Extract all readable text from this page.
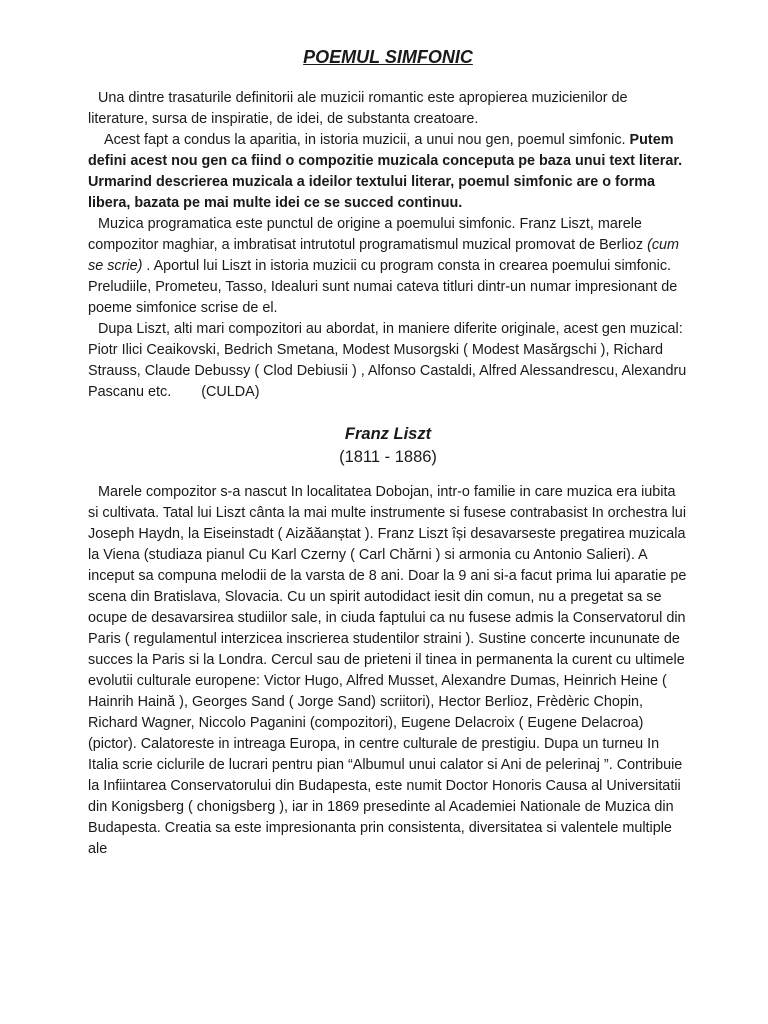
POEMUL SIMFONIC

Una dintre trasaturile definitorii ale muzicii romantic este apropierea muzicienilor de literature, sursa de inspiratie, de idei, de substanta creatoare.

Acest fapt a condus la aparitia, in istoria muzicii, a unui nou gen, poemul simfonic. Putem defini acest nou gen ca fiind o compozitie muzicala conceputa pe baza unui text literar. Urmarind descrierea muzicala a ideilor textului literar, poemul simfonic are o forma libera, bazata pe mai multe idei ce se succed continuu.

Muzica programatica este punctul de origine a poemului simfonic. Franz Liszt, marele compozitor maghiar, a imbratisat intrutotul programatismul muzical promovat de Berlioz (cum se scrie) . Aportul lui Liszt in istoria muzicii cu program consta in crearea poemului simfonic. Preludiile, Prometeu, Tasso, Idealuri sunt numai cateva titluri dintr-un numar impresionant de poeme simfonice scrise de el.

Dupa Liszt, alti mari compozitori au abordat, in maniere diferite originale, acest gen muzical: Piotr Ilici Ceaikovski, Bedrich Smetana, Modest Musorgski ( Modest Masărgschi ), Richard Strauss, Claude Debussy ( Clod Debiusii ) , Alfonso Castaldi, Alfred Alessandrescu, Alexandru Pascanu etc. (CULDA)

Franz Liszt
(1811 - 1886)

Marele compozitor s-a nascut In localitatea Dobojan, intr-o familie in care muzica era iubita si cultivata. Tatal lui Liszt cânta la mai multe instrumente si fusese contrabasist In orchestra lui Joseph Haydn, la Eiseinstadt ( Aizăăanștat ). Franz Liszt își desavarseste pregatirea muzicala la Viena (studiaza pianul Cu Karl Czerny ( Carl Chărni ) si armonia cu Antonio Salieri). A inceput sa compuna melodii de la varsta de 8 ani. Doar la 9 ani si-a facut prima lui aparatie pe scena din Bratislava, Slovacia. Cu un spirit autodidact iesit din comun, nu a pregetat sa se ocupe de desavarsirea studiilor sale, in ciuda faptului ca nu fusese admis la Conservatorul din Paris ( regulamentul interzicea inscrierea studentilor straini ). Sustine concerte incununate de succes la Paris si la Londra. Cercul sau de prieteni il tinea in permanenta la curent cu ultimele evolutii culturale europene: Victor Hugo, Alfred Musset, Alexandre Dumas, Heinrich Heine ( Hainrih Haină ), Georges Sand ( Jorge Sand) scriitori), Hector Berlioz, Frèdèric Chopin, Richard Wagner, Niccolo Paganini (compozitori), Eugene Delacroix ( Eugene Delacroa) (pictor). Calatoreste in intreaga Europa, in centre culturale de prestigiu. Dupa un turneu In Italia scrie ciclurile de lucrari pentru pian “Albumul unui calator si Ani de pelerinaj ”. Contribuie la Infiintarea Conservatorului din Budapesta, este numit Doctor Honoris Causa al Universitatii din Konigsberg ( chonigsberg ), iar in 1869 presedinte al Academiei Nationale de Muzica din Budapesta. Creatia sa este impresionanta prin consistenta, diversitatea si valentele multiple ale
